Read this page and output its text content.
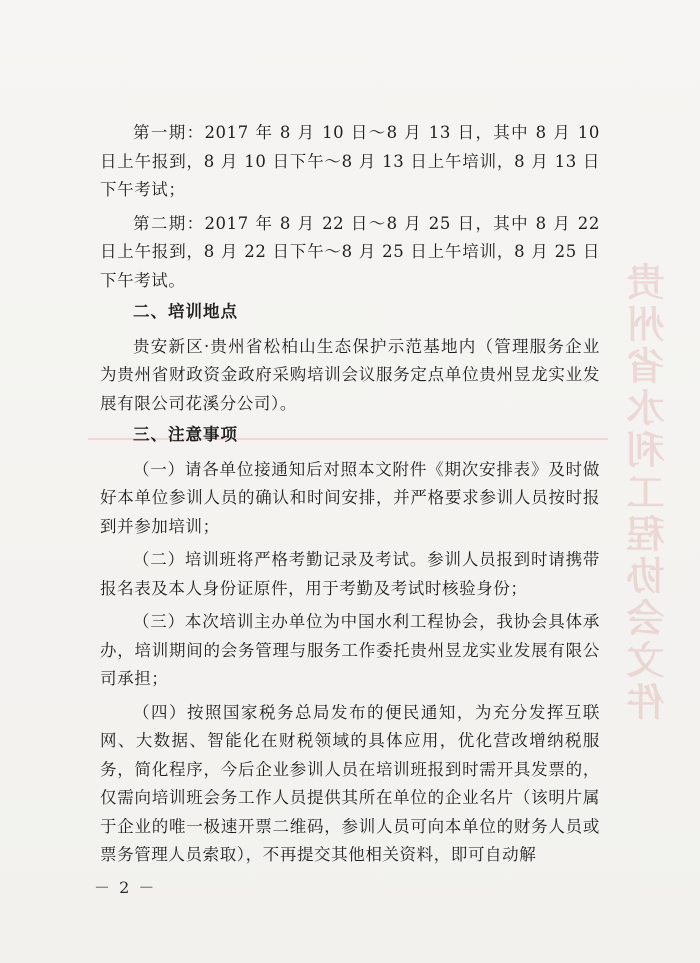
贵州省水利工程协会文件

第一期：2017 年 8 月 10 日～8 月 13 日，其中 8 月 10 日上午报到，8 月 10 日下午～8 月 13 日上午培训，8 月 13 日下午考试；

第二期：2017 年 8 月 22 日～8 月 25 日，其中 8 月 22 日上午报到，8 月 22 日下午～8 月 25 日上午培训，8 月 25 日下午考试。

二、培训地点

贵安新区·贵州省松柏山生态保护示范基地内（管理服务企业为贵州省财政资金政府采购培训会议服务定点单位贵州昱龙实业发展有限公司花溪分公司）。

三、注意事项

（一）请各单位接通知后对照本文附件《期次安排表》及时做好本单位参训人员的确认和时间安排，并严格要求参训人员按时报到并参加培训；

（二）培训班将严格考勤记录及考试。参训人员报到时请携带报名表及本人身份证原件，用于考勤及考试时核验身份；

（三）本次培训主办单位为中国水利工程协会，我协会具体承办，培训期间的会务管理与服务工作委托贵州昱龙实业发展有限公司承担；

（四）按照国家税务总局发布的便民通知，为充分发挥互联网、大数据、智能化在财税领域的具体应用，优化营改增纳税服务，简化程序，今后企业参训人员在培训班报到时需开具发票的，仅需向培训班会务工作人员提供其所在单位的企业名片（该明片属于企业的唯一极速开票二维码，参训人员可向本单位的财务人员或票务管理人员索取），不再提交其他相关资料，即可自动解

－ 2 －
